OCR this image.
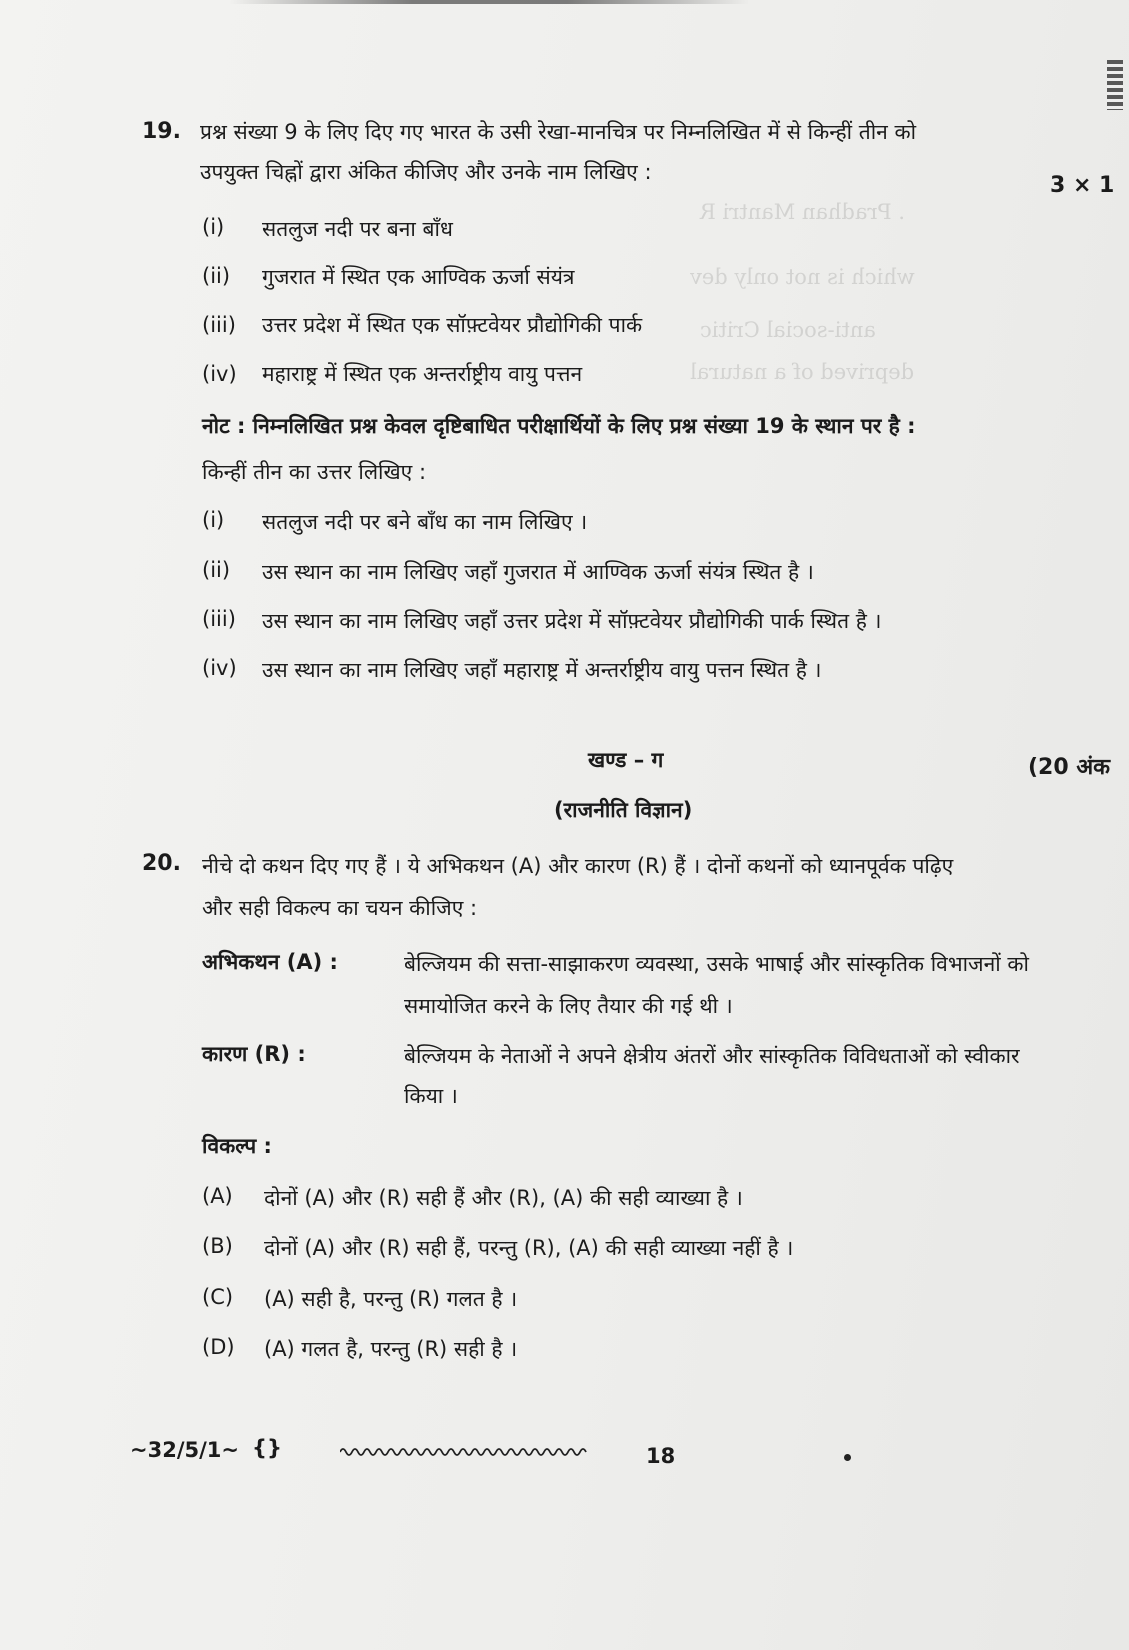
. Pradhan Mantri R
which is not only dev
anti-social Critic
deprived of a natural
19. प्रश्न संख्या 9 के लिए दिए गए भारत के उसी रेखा-मानचित्र पर निम्नलिखित में से किन्हीं तीन को
उपयुक्त चिह्नों द्वारा अंकित कीजिए और उनके नाम लिखिए :
3 × 1
(i) सतलुज नदी पर बना बाँध
(ii) गुजरात में स्थित एक आण्विक ऊर्जा संयंत्र
(iii) उत्तर प्रदेश में स्थित एक सॉफ़्टवेयर प्रौद्योगिकी पार्क
(iv) महाराष्ट्र में स्थित एक अन्तर्राष्ट्रीय वायु पत्तन
नोट : निम्नलिखित प्रश्न केवल दृष्टिबाधित परीक्षार्थियों के लिए प्रश्न संख्या 19 के स्थान पर है :
किन्हीं तीन का उत्तर लिखिए :
(i) सतलुज नदी पर बने बाँध का नाम लिखिए ।
(ii) उस स्थान का नाम लिखिए जहाँ गुजरात में आण्विक ऊर्जा संयंत्र स्थित है ।
(iii) उस स्थान का नाम लिखिए जहाँ उत्तर प्रदेश में सॉफ़्टवेयर प्रौद्योगिकी पार्क स्थित है ।
(iv) उस स्थान का नाम लिखिए जहाँ महाराष्ट्र में अन्तर्राष्ट्रीय वायु पत्तन स्थित है ।
खण्ड – ग	(20 अंक
(राजनीति विज्ञान)
20. नीचे दो कथन दिए गए हैं । ये अभिकथन (A) और कारण (R) हैं । दोनों कथनों को ध्यानपूर्वक पढ़िए
और सही विकल्प का चयन कीजिए :
अभिकथन (A) :	बेल्जियम की सत्ता-साझाकरण व्यवस्था, उसके भाषाई और सांस्कृतिक विभाजनों को
समायोजित करने के लिए तैयार की गई थी ।
कारण (R) :	बेल्जियम के नेताओं ने अपने क्षेत्रीय अंतरों और सांस्कृतिक विविधताओं को स्वीकार
किया ।
विकल्प :
(A) दोनों (A) और (R) सही हैं और (R), (A) की सही व्याख्या है ।
(B) दोनों (A) और (R) सही हैं, परन्तु (R), (A) की सही व्याख्या नहीं है ।
(C) (A) सही है, परन्तु (R) गलत है ।
(D) (A) गलत है, परन्तु (R) सही है ।
~32/5/1~ {}	18
